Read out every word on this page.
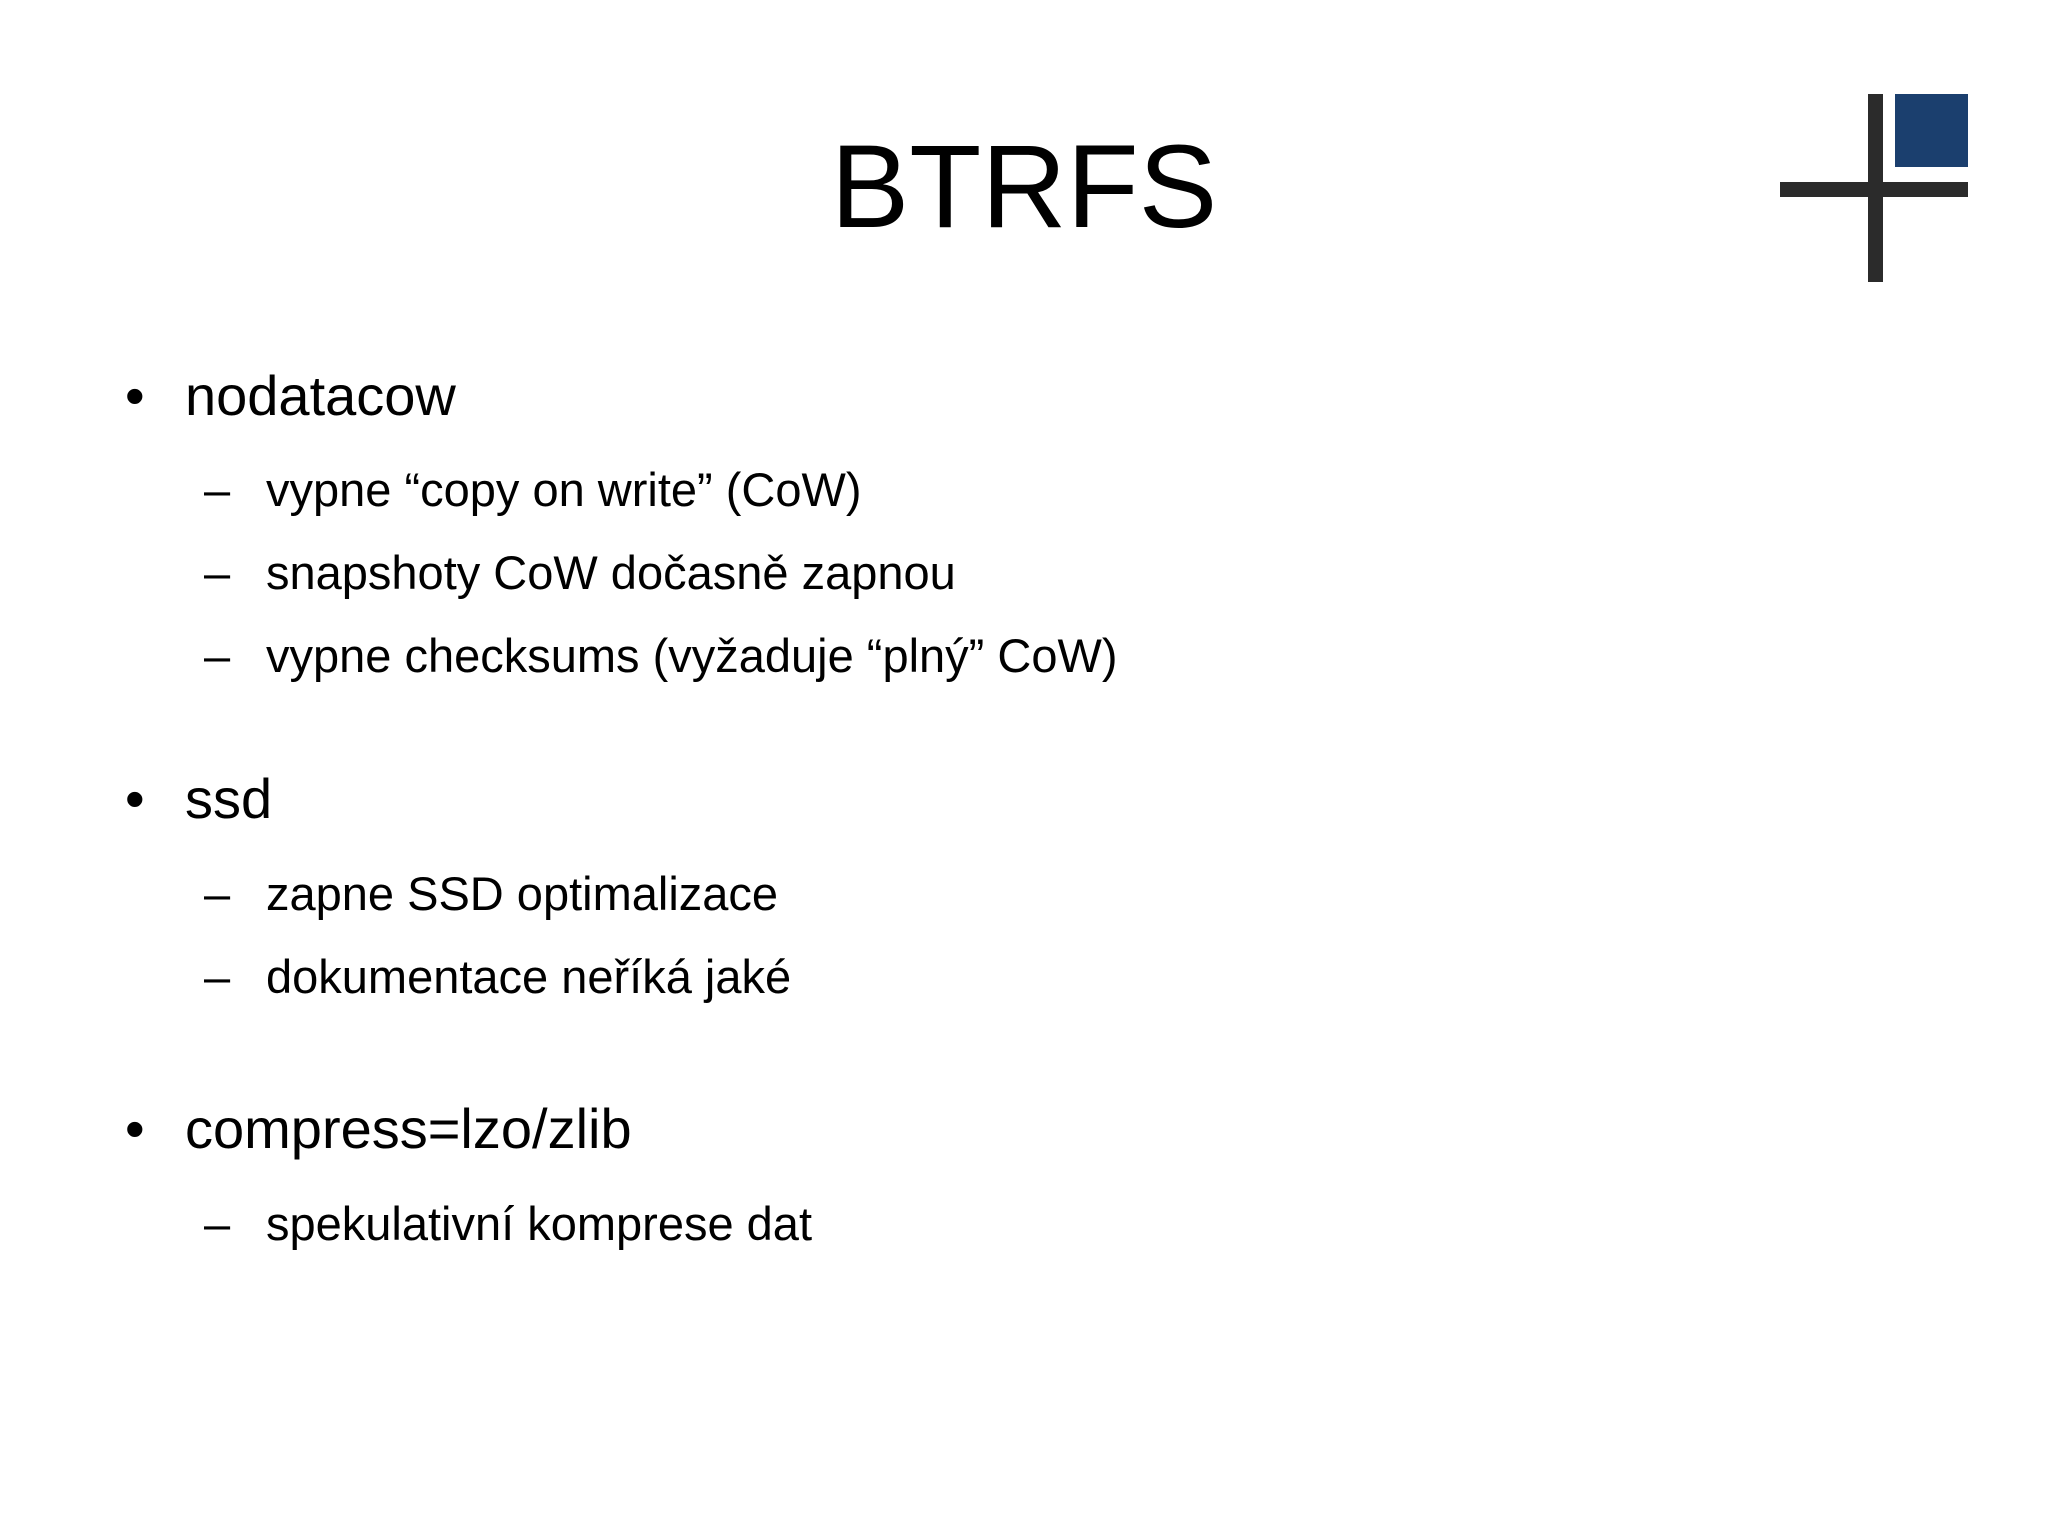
BTRFS
• nodatacow
– vypne “copy on write” (CoW)
– snapshoty CoW dočasně zapnou
– vypne checksums (vyžaduje “plný” CoW)
• ssd
– zapne SSD optimalizace
– dokumentace neříká jaké
• compress=lzo/zlib
– spekulativní komprese dat
